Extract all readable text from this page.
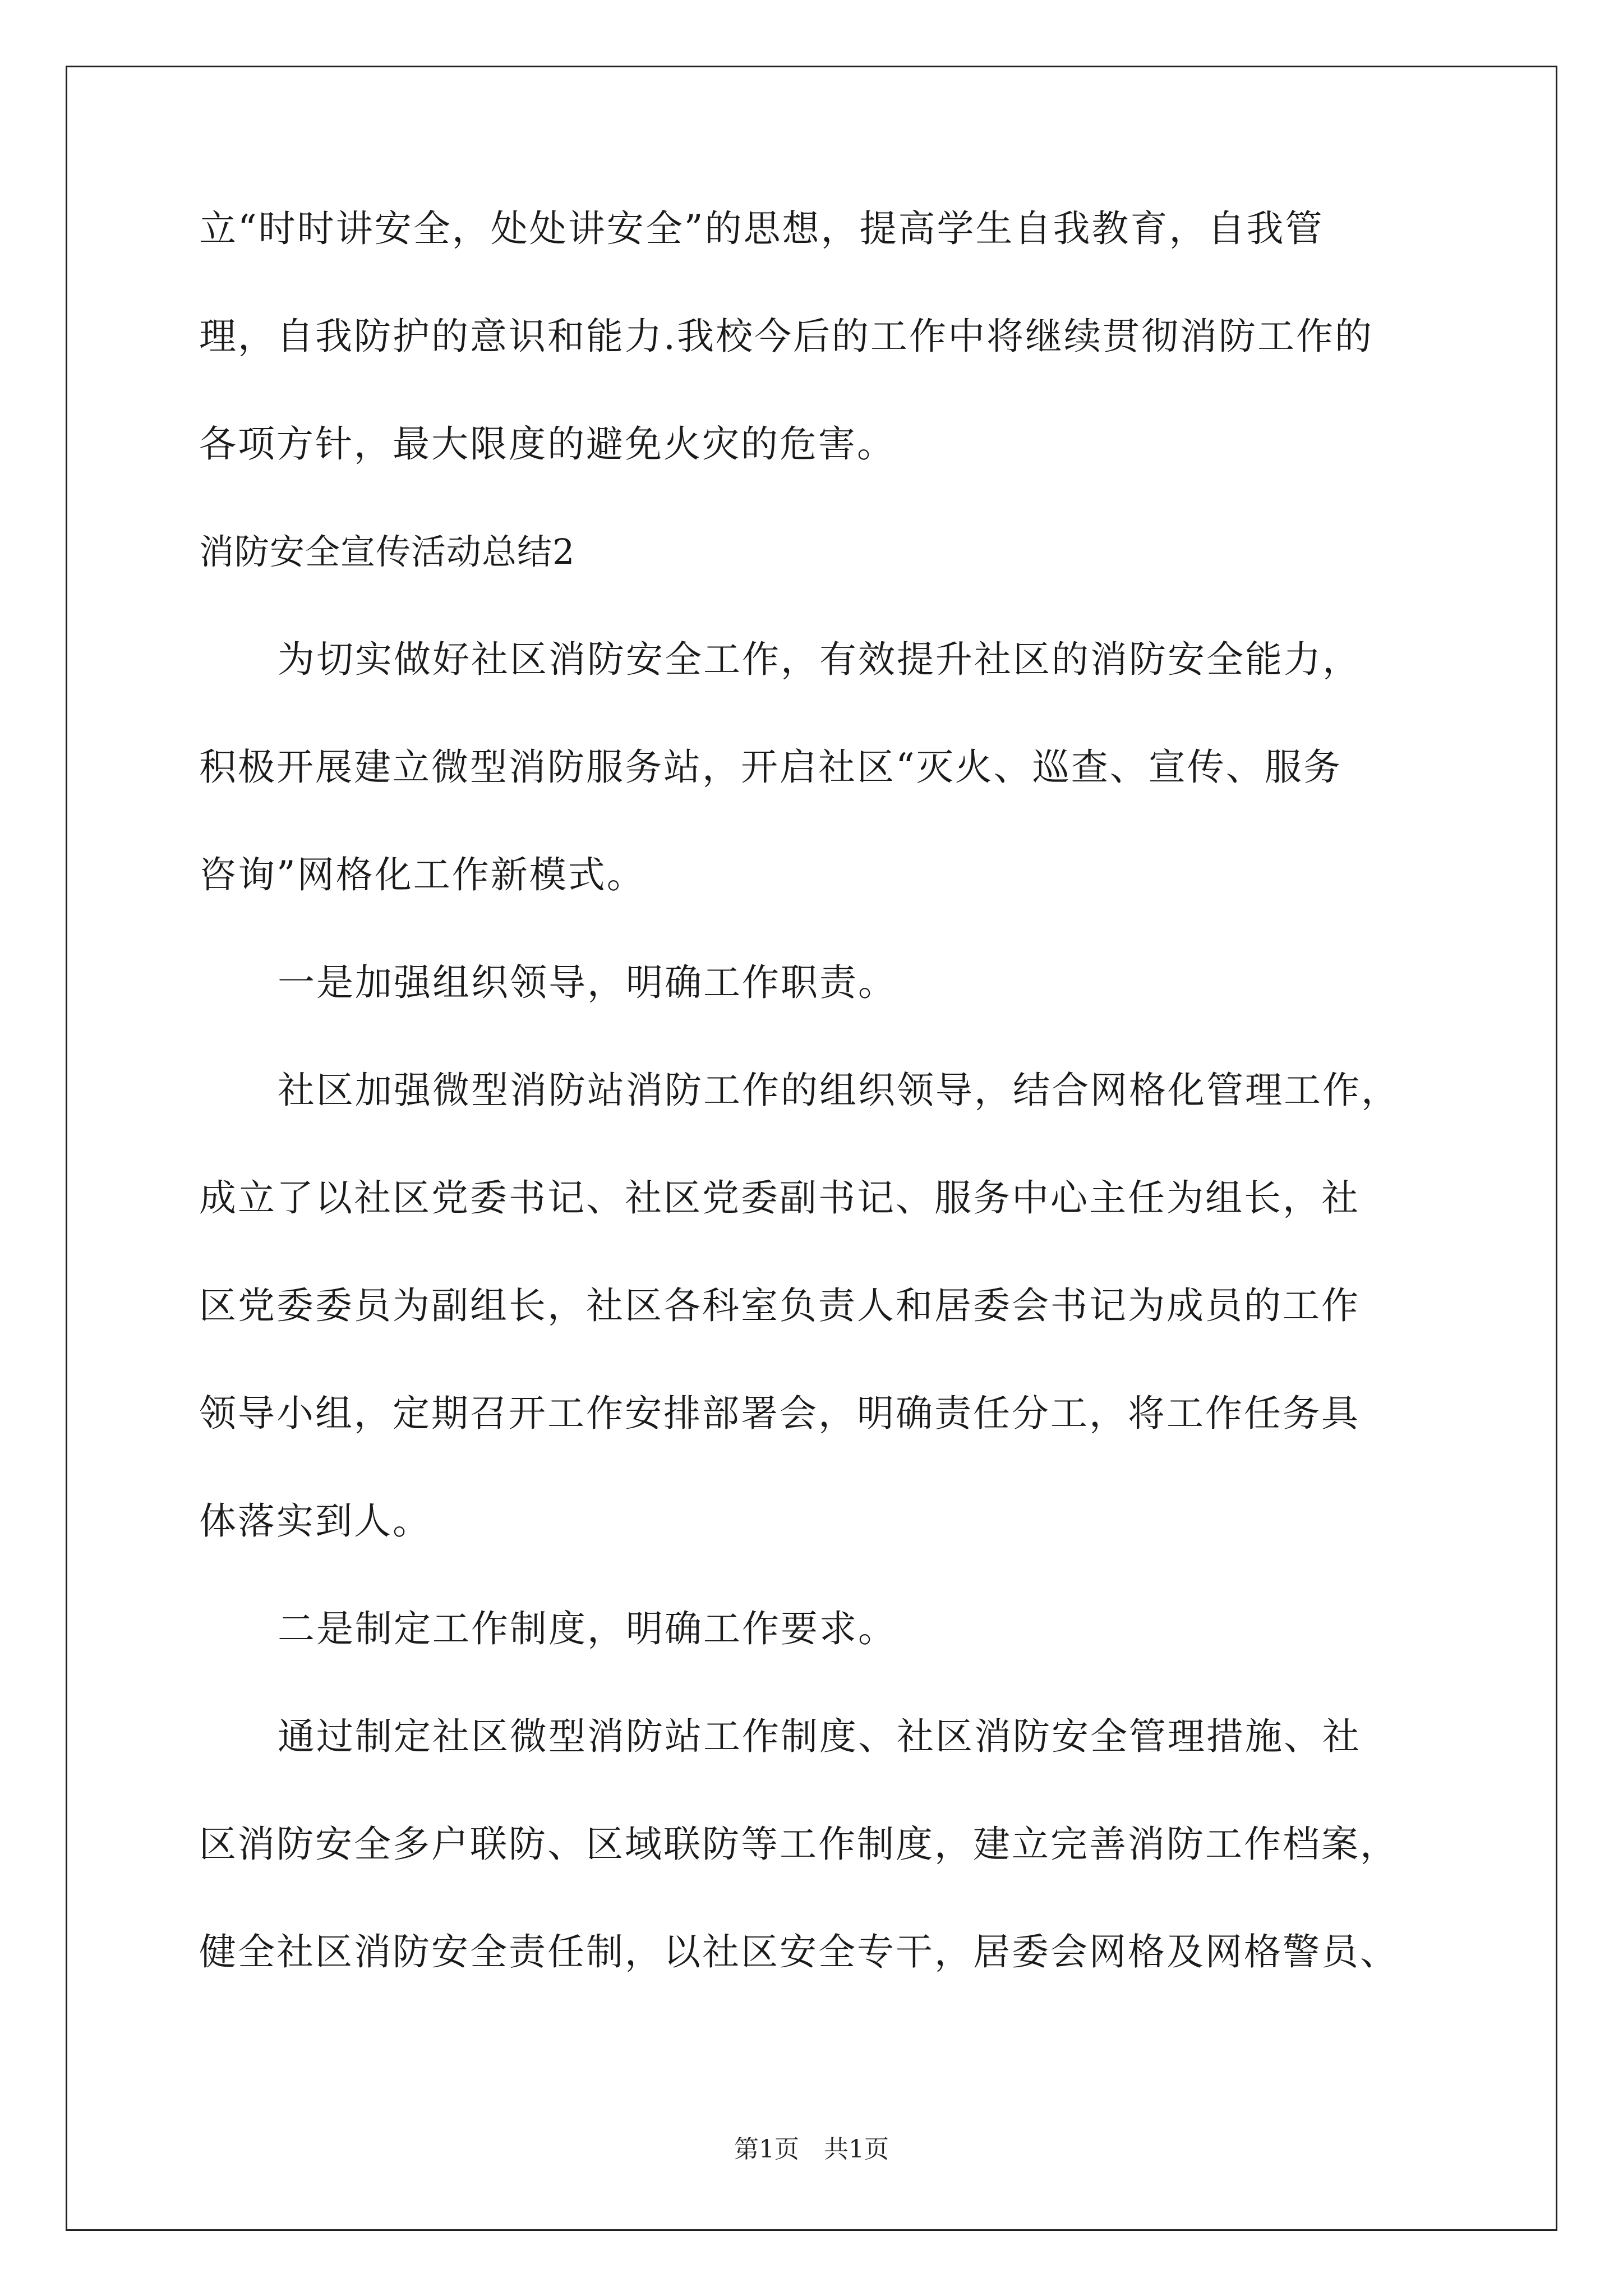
立“时时讲安全，处处讲安全”的思想，提高学生自我教育，自我管
理，自我防护的意识和能力.我校今后的工作中将继续贯彻消防工作的
各项方针，最大限度的避免火灾的危害。
消防安全宣传活动总结2
为切实做好社区消防安全工作，有效提升社区的消防安全能力，
积极开展建立微型消防服务站，开启社区“灭火、巡查、宣传、服务
咨询”网格化工作新模式。
一是加强组织领导，明确工作职责。
社区加强微型消防站消防工作的组织领导，结合网格化管理工作，
成立了以社区党委书记、社区党委副书记、服务中心主任为组长，社
区党委委员为副组长，社区各科室负责人和居委会书记为成员的工作
领导小组，定期召开工作安排部署会，明确责任分工，将工作任务具
体落实到人。
二是制定工作制度，明确工作要求。
通过制定社区微型消防站工作制度、社区消防安全管理措施、社
区消防安全多户联防、区域联防等工作制度，建立完善消防工作档案，
健全社区消防安全责任制，以社区安全专干，居委会网格及网格警员、
第1页　共1页
